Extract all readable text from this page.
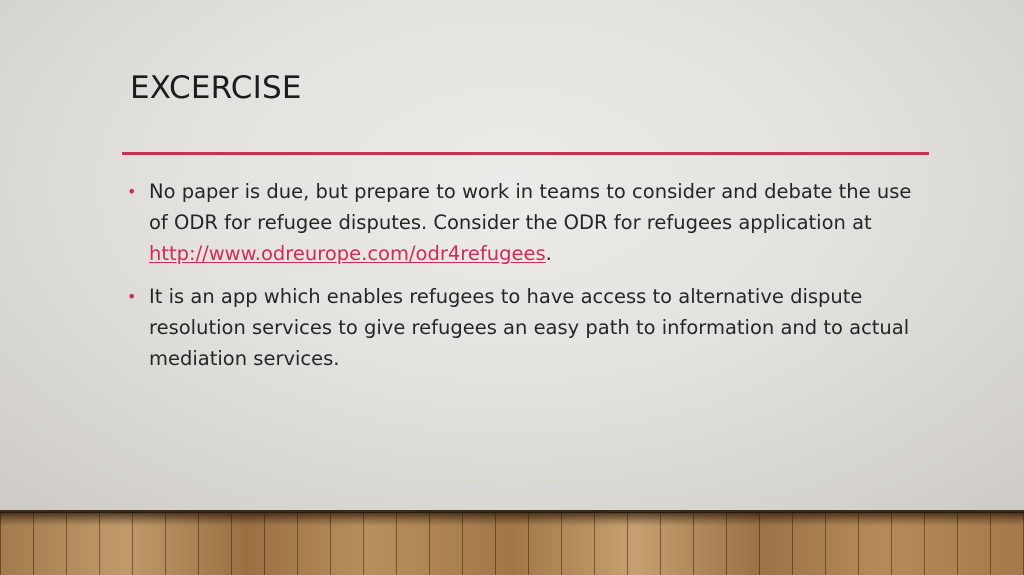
EXCERCISE
• No paper is due, but prepare to work in teams to consider and debate the use of ODR for refugee disputes. Consider the ODR for refugees application at http://www.odreurope.com/odr4refugees.
• It is an app which enables refugees to have access to alternative dispute resolution services to give refugees an easy path to information and to actual mediation services.
